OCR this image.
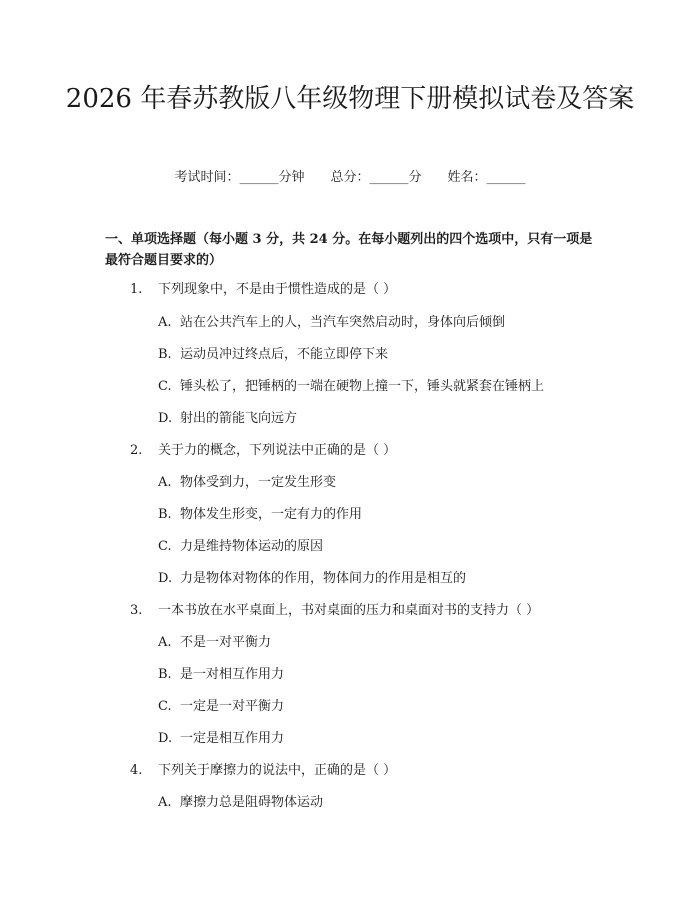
2026 年春苏教版八年级物理下册模拟试卷及答案
考试时间：______分钟 总分：______分 姓名：______

一、单项选择题（每小题 3 分，共 24 分。在每小题列出的四个选项中，只有一项是最符合题目要求的）

1. 下列现象中，不是由于惯性造成的是（ ）
A. 站在公共汽车上的人，当汽车突然启动时，身体向后倾倒
B. 运动员冲过终点后，不能立即停下来
C. 锤头松了，把锤柄的一端在硬物上撞一下，锤头就紧套在锤柄上
D. 射出的箭能飞向远方
2. 关于力的概念，下列说法中正确的是（ ）
A. 物体受到力，一定发生形变
B. 物体发生形变，一定有力的作用
C. 力是维持物体运动的原因
D. 力是物体对物体的作用，物体间力的作用是相互的
3. 一本书放在水平桌面上，书对桌面的压力和桌面对书的支持力（ ）
A. 不是一对平衡力
B. 是一对相互作用力
C. 一定是一对平衡力
D. 一定是相互作用力
4. 下列关于摩擦力的说法中，正确的是（ ）
A. 摩擦力总是阻碍物体运动
